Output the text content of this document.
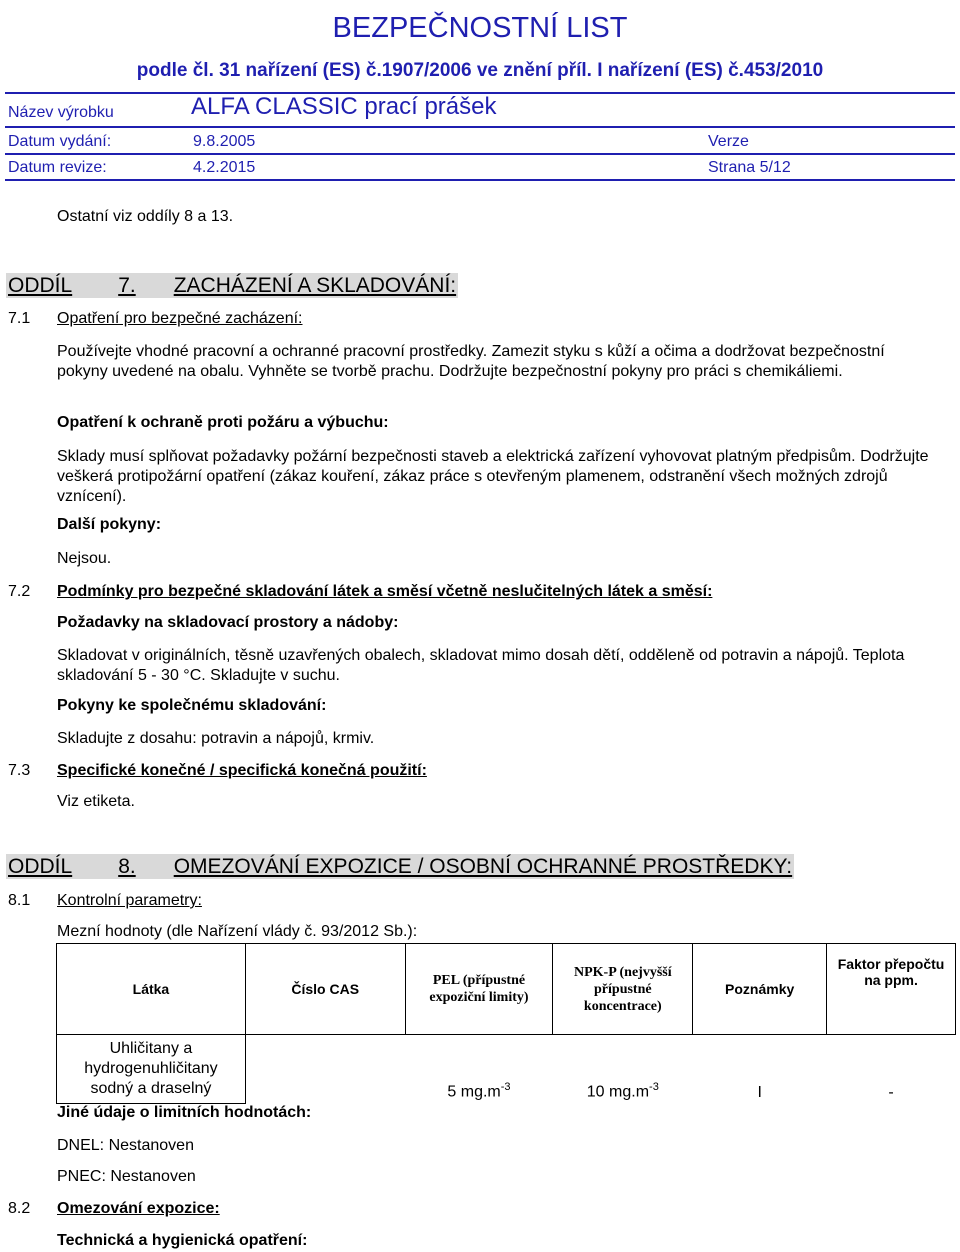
BEZPEČNOSTNÍ LIST
podle čl. 31 nařízení (ES) č.1907/2006 ve znění příl. I nařízení (ES) č.453/2010
Název výrobku	ALFA CLASSIC prací prášek
Datum vydání:	9.8.2005	Verze
Datum revize:	4.2.2015	Strana 5/12
Ostatní viz oddíly 8 a 13.
ODDÍL 7. ZACHÁZENÍ A SKLADOVÁNÍ:
7.1 Opatření pro bezpečné zacházení:
Používejte vhodné pracovní a ochranné pracovní prostředky. Zamezit styku s kůží a očima a dodržovat bezpečnostní pokyny uvedené na obalu. Vyhněte se tvorbě prachu. Dodržujte bezpečnostní pokyny pro práci s chemikáliemi.
Opatření k ochraně proti požáru a výbuchu:
Sklady musí splňovat požadavky požární bezpečnosti staveb a elektrická zařízení vyhovovat platným předpisům. Dodržujte veškerá protipožární opatření (zákaz kouření, zákaz práce s otevřeným plamenem, odstranění všech možných zdrojů vznícení).
Další pokyny:
Nejsou.
7.2 Podmínky pro bezpečné skladování látek a směsí včetně neslučitelných látek a směsí:
Požadavky na skladovací prostory a nádoby:
Skladovat v originálních, těsně uzavřených obalech, skladovat mimo dosah dětí, odděleně od potravin a nápojů. Teplota skladování 5 - 30 °C. Skladujte v suchu.
Pokyny ke společnému skladování:
Skladujte z dosahu: potravin a nápojů, krmiv.
7.3 Specifické konečné / specifická konečná použití:
Viz etiketa.
ODDÍL 8. OMEZOVÁNÍ EXPOZICE / OSOBNÍ OCHRANNÉ PROSTŘEDKY:
8.1 Kontrolní parametry:
Mezní hodnoty (dle Nařízení vlády č. 93/2012 Sb.):
Látka	Číslo CAS	PEL (přípustné expoziční limity)	NPK-P (nejvyšší přípustné koncentrace)	Poznámky	Faktor přepočtu na ppm.
Uhličitany a hydrogenuhličitany sodný a draselný		5 $mg.m^{-3}$	10 $mg.m^{-3}$	I	-
Jiné údaje o limitních hodnotách:
DNEL: Nestanoven
PNEC: Nestanoven
8.2 Omezování expozice:
Technická a hygienická opatření:
